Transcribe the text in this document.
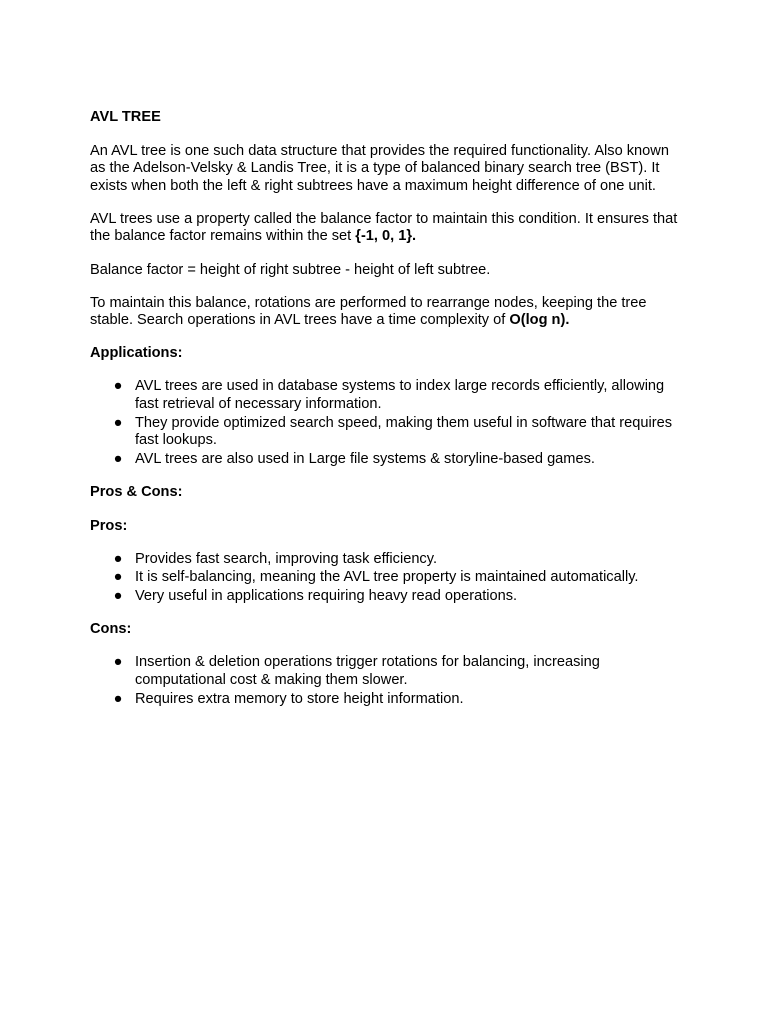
AVL TREE

An AVL tree is one such data structure that provides the required functionality. Also known as the Adelson-Velsky & Landis Tree, it is a type of balanced binary search tree (BST). It exists when both the left & right subtrees have a maximum height difference of one unit.

AVL trees use a property called the balance factor to maintain this condition. It ensures that the balance factor remains within the set {-1, 0, 1}.

Balance factor = height of right subtree - height of left subtree.

To maintain this balance, rotations are performed to rearrange nodes, keeping the tree stable. Search operations in AVL trees have a time complexity of O(log n).

Applications:
● AVL trees are used in database systems to index large records efficiently, allowing fast retrieval of necessary information.
● They provide optimized search speed, making them useful in software that requires fast lookups.
● AVL trees are also used in Large file systems & storyline-based games.
Pros & Cons:
Pros:
● Provides fast search, improving task efficiency.
● It is self-balancing, meaning the AVL tree property is maintained automatically.
● Very useful in applications requiring heavy read operations.
Cons:
● Insertion & deletion operations trigger rotations for balancing, increasing computational cost & making them slower.
● Requires extra memory to store height information.
